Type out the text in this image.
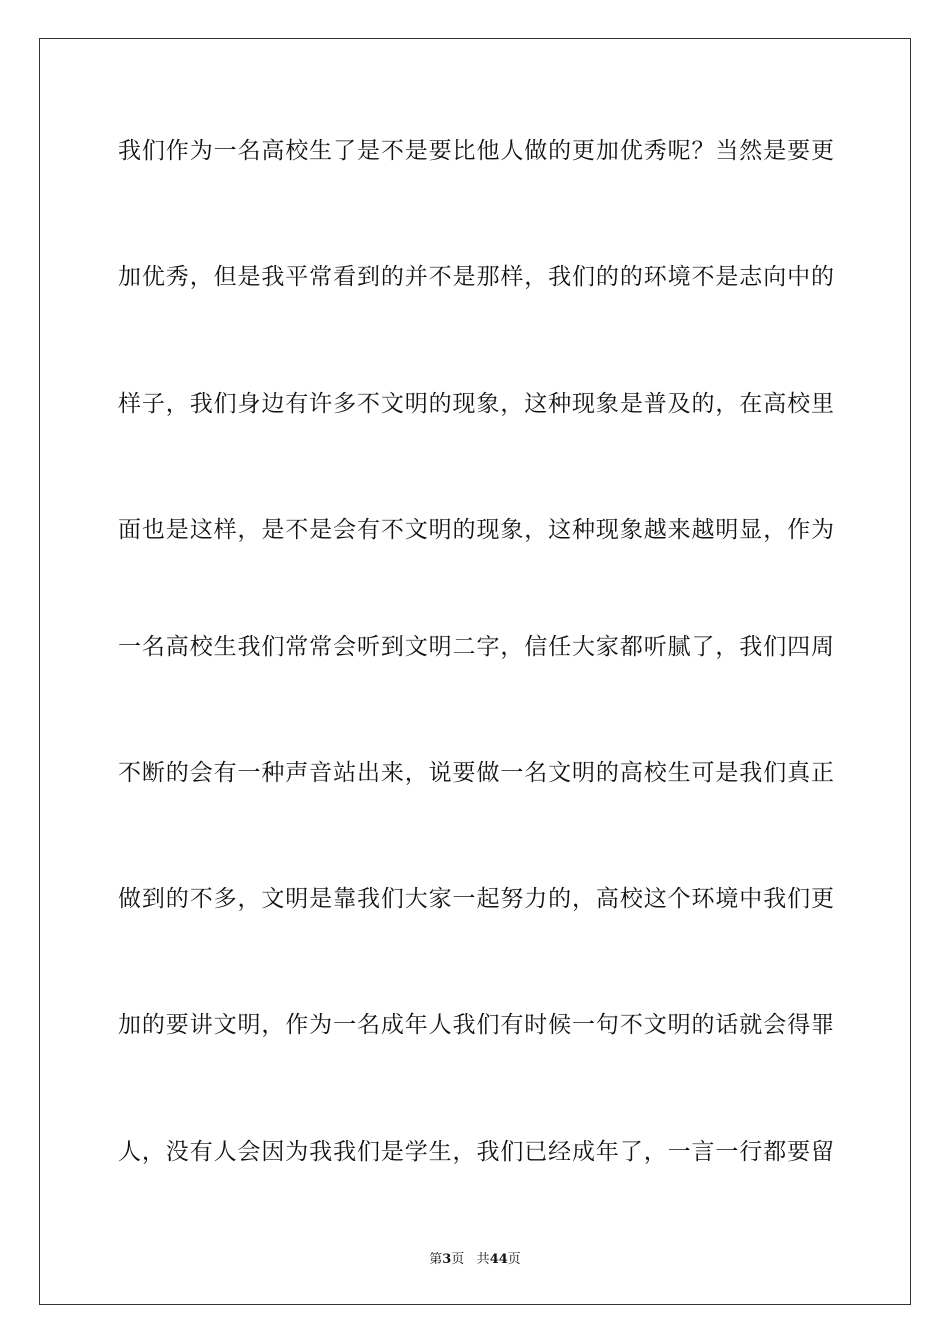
我们作为一名高校生了是不是要比他人做的更加优秀呢？当然是要更
加优秀，但是我平常看到的并不是那样，我们的的环境不是志向中的
样子，我们身边有许多不文明的现象，这种现象是普及的，在高校里
面也是这样，是不是会有不文明的现象，这种现象越来越明显，作为
一名高校生我们常常会听到文明二字，信任大家都听腻了，我们四周
不断的会有一种声音站出来，说要做一名文明的高校生可是我们真正
做到的不多，文明是靠我们大家一起努力的，高校这个环境中我们更
加的要讲文明，作为一名成年人我们有时候一句不文明的话就会得罪
人，没有人会因为我我们是学生，我们已经成年了，一言一行都要留
第3页 共44页
